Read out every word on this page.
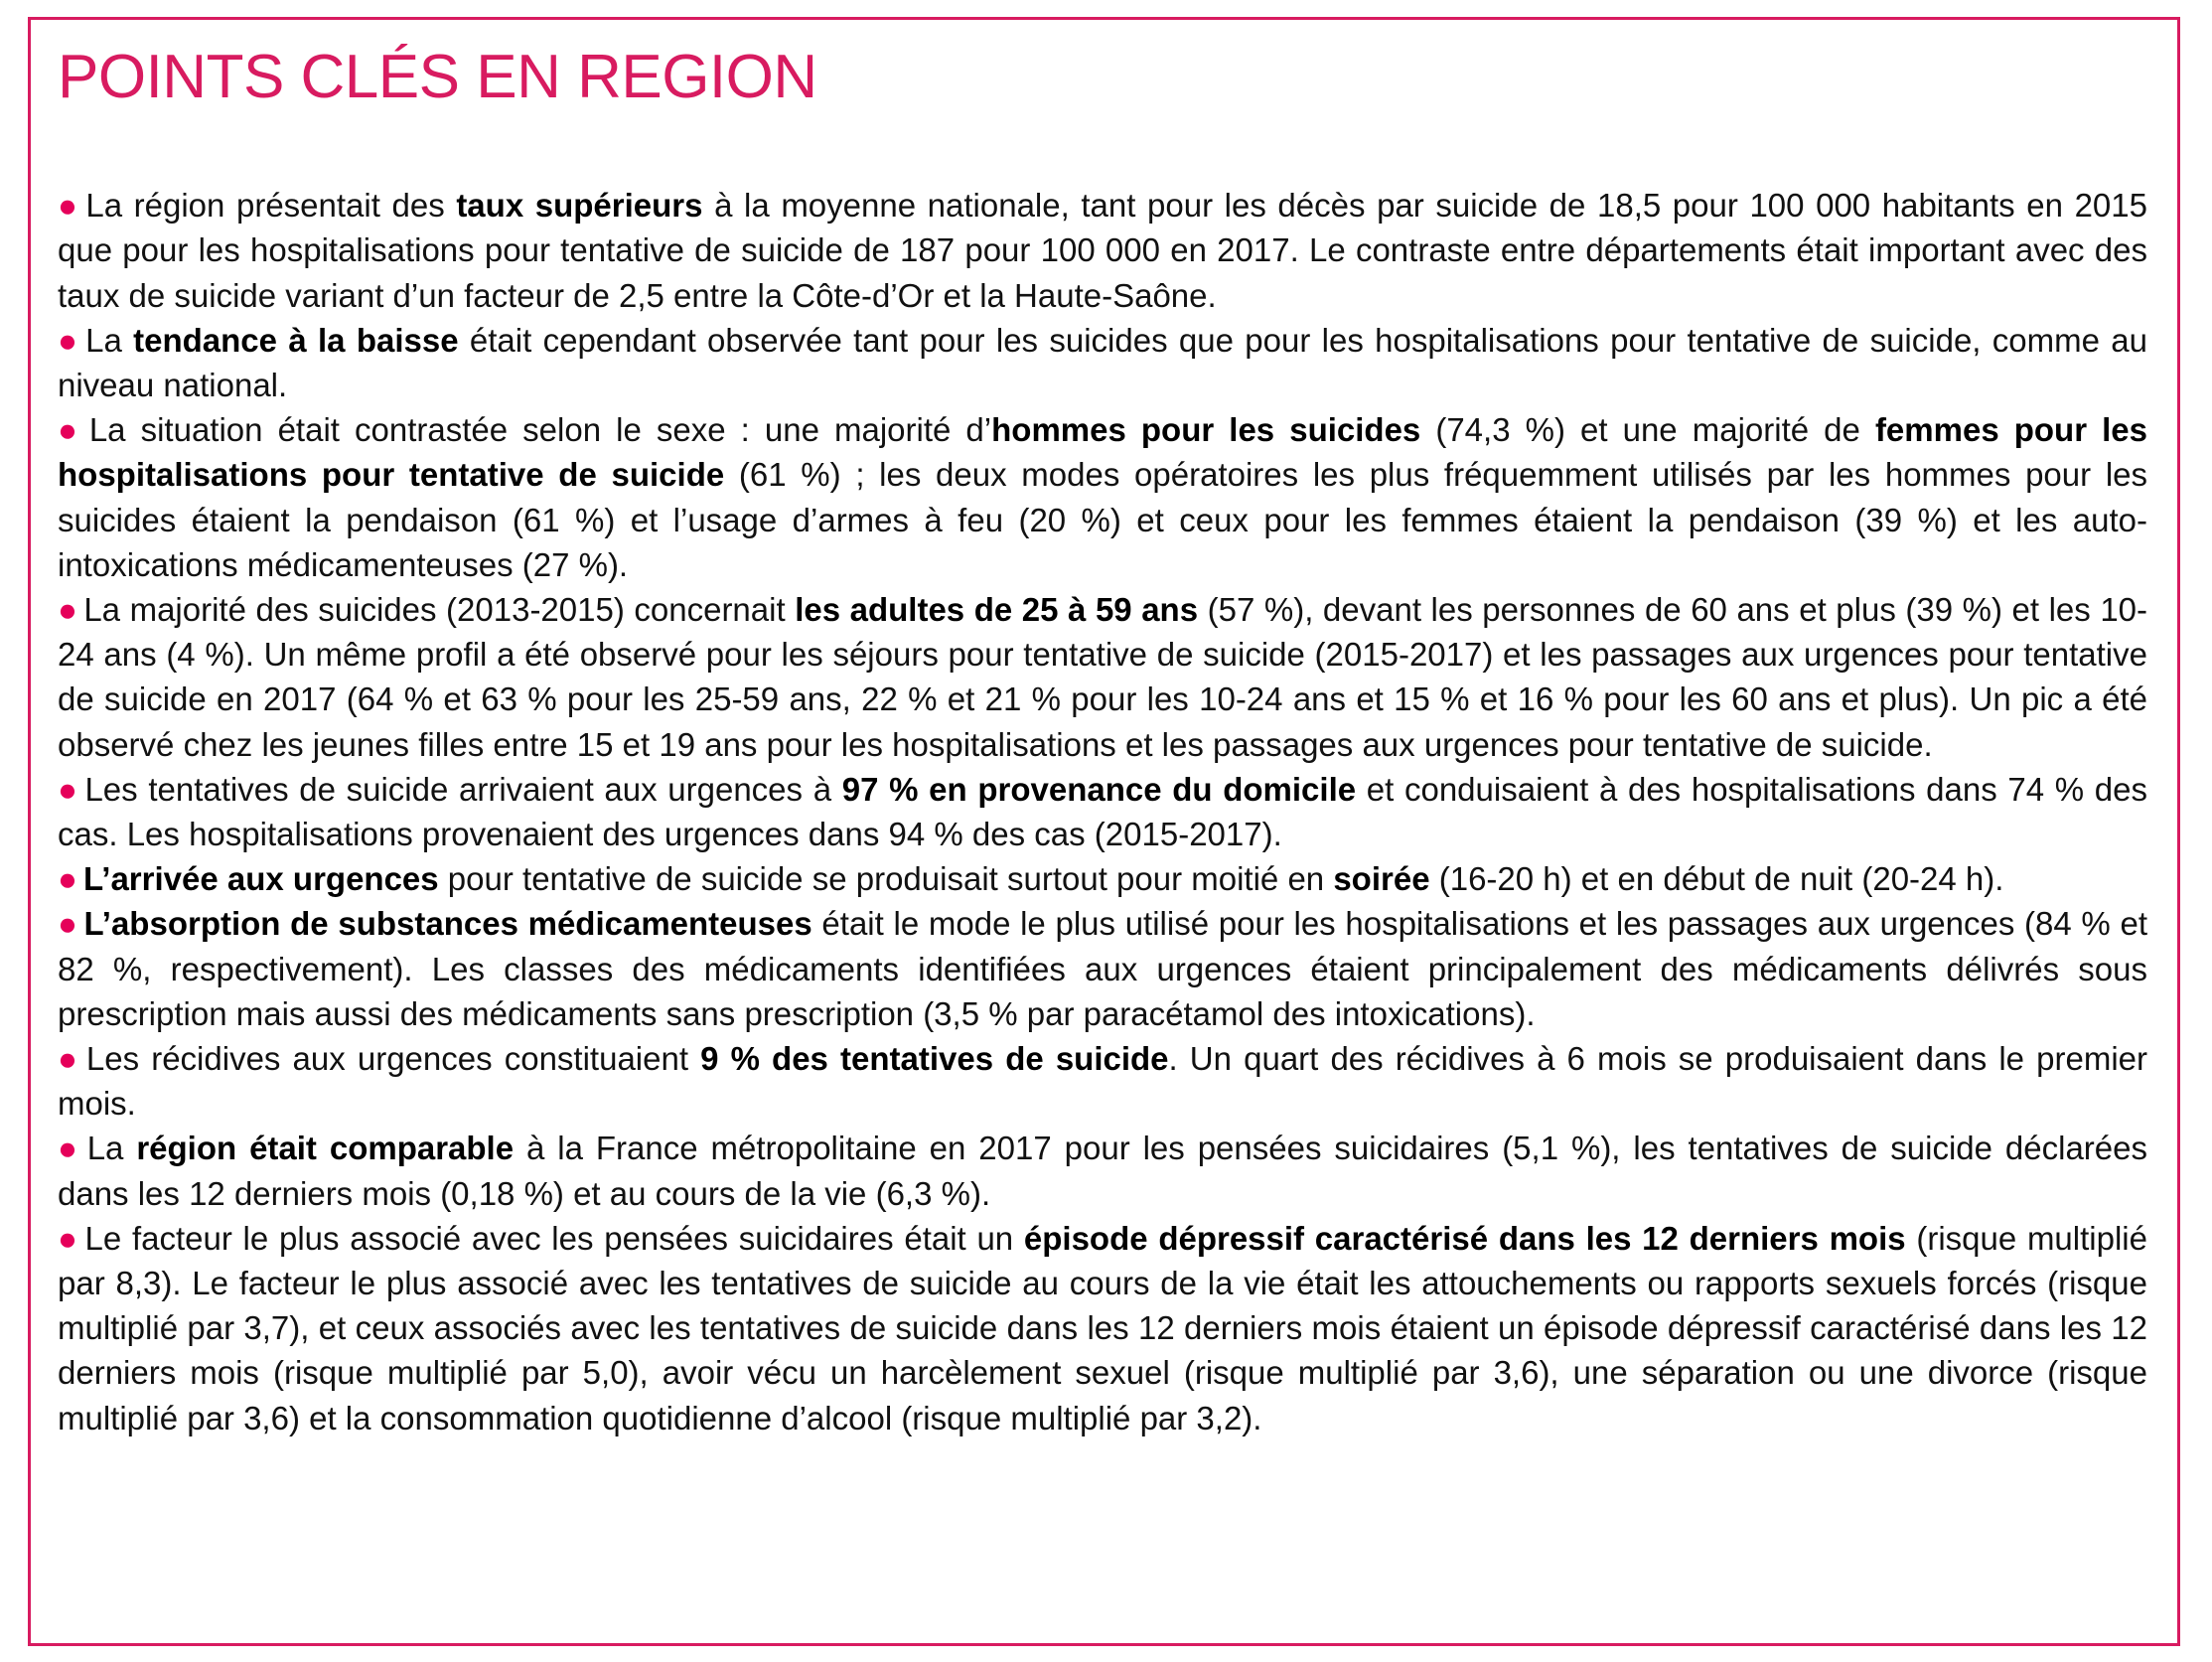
POINTS CLÉS EN REGION

● La région présentait des taux supérieurs à la moyenne nationale, tant pour les décès par suicide de 18,5 pour 100 000 habitants en 2015 que pour les hospitalisations pour tentative de suicide de 187 pour 100 000 en 2017. Le contraste entre départements était important avec des taux de suicide variant d’un facteur de 2,5 entre la Côte-d’Or et la Haute-Saône.

● La tendance à la baisse était cependant observée tant pour les suicides que pour les hospitalisations pour tentative de suicide, comme au niveau national.

● La situation était contrastée selon le sexe : une majorité d’hommes pour les suicides (74,3 %) et une majorité de femmes pour les hospitalisations pour tentative de suicide (61 %) ; les deux modes opératoires les plus fréquemment utilisés par les hommes pour les suicides étaient la pendaison (61 %) et l’usage d’armes à feu (20 %) et ceux pour les femmes étaient la pendaison (39 %) et les auto-intoxications médicamenteuses (27 %).

● La majorité des suicides (2013-2015) concernait les adultes de 25 à 59 ans (57 %), devant les personnes de 60 ans et plus (39 %) et les 10-24 ans (4 %). Un même profil a été observé pour les séjours pour tentative de suicide (2015-2017) et les passages aux urgences pour tentative de suicide en 2017 (64 % et 63 % pour les 25-59 ans, 22 % et 21 % pour les 10-24 ans et 15 % et 16 % pour les 60 ans et plus). Un pic a été observé chez les jeunes filles entre 15 et 19 ans pour les hospitalisations et les passages aux urgences pour tentative de suicide.

● Les tentatives de suicide arrivaient aux urgences à 97 % en provenance du domicile et conduisaient à des hospitalisations dans 74 % des cas. Les hospitalisations provenaient des urgences dans 94 % des cas (2015-2017).

● L’arrivée aux urgences pour tentative de suicide se produisait surtout pour moitié en soirée (16-20 h) et en début de nuit (20-24 h).

● L’absorption de substances médicamenteuses était le mode le plus utilisé pour les hospitalisations et les passages aux urgences (84 % et 82 %, respectivement). Les classes des médicaments identifiées aux urgences étaient principalement des médicaments délivrés sous prescription mais aussi des médicaments sans prescription (3,5 % par paracétamol des intoxications).

● Les récidives aux urgences constituaient 9 % des tentatives de suicide. Un quart des récidives à 6 mois se produisaient dans le premier mois.

● La région était comparable à la France métropolitaine en 2017 pour les pensées suicidaires (5,1 %), les tentatives de suicide déclarées dans les 12 derniers mois (0,18 %) et au cours de la vie (6,3 %).

● Le facteur le plus associé avec les pensées suicidaires était un épisode dépressif caractérisé dans les 12 derniers mois (risque multiplié par 8,3). Le facteur le plus associé avec les tentatives de suicide au cours de la vie était les attouchements ou rapports sexuels forcés (risque multiplié par 3,7), et ceux associés avec les tentatives de suicide dans les 12 derniers mois étaient un épisode dépressif caractérisé dans les 12 derniers mois (risque multiplié par 5,0), avoir vécu un harcèlement sexuel (risque multiplié par 3,6), une séparation ou une divorce (risque multiplié par 3,6) et la consommation quotidienne d’alcool (risque multiplié par 3,2).
